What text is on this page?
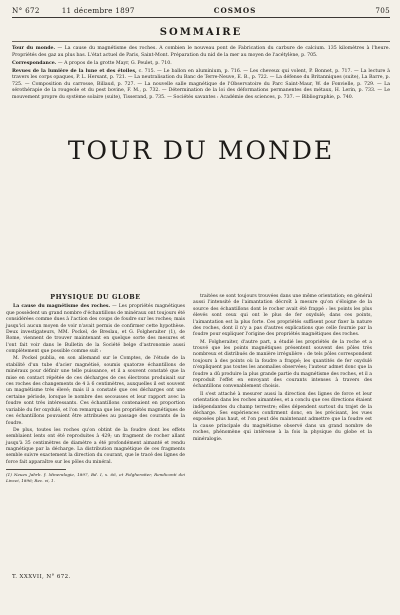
N° 672	11 décembre 1897	COSMOS	705
SOMMAIRE

Tour du monde. — La cause du magnétisme des roches. A combien le nouveau pont de Fabrication du carbure de calcium. 135 kilomètres à l'heure. Propriétés des gaz au plus bas. L'état actuel de Paris, Saint-Mont. Préparation du nid de la mer au moyen de l'acétylène, p. 705.

Correspondance. — A propos de la grotte Mayr, G. Peulet, p. 710.

Revues de la lumière de la lune et des étoiles, c. 715. — Le ballon en aluminium, p. 716. — Les cheveux qui volent, P. Bonnet, p. 717. — La lecture à travers les corps opaques, P. L. Hersant, p. 721. — La neutralisation du Banc de Terre-Neuve, E. B., p. 722. — La défense du Britanniques (suite), La Barre, p. 725. — Composition du carrosse, Billaud, p. 727. — La nouvelle salle magnétique de l'Observatoire du Parc Saint-Maur, W. de Fonvielle, p. 729. — La sérothérapie de la rougeole et du pest bovine, F. M., p. 732. — Détermination de la loi des déformations permanentes des métaux, H. Lerin, p. 733. — Le mouvement propre du système solaire (suite), Tisserand, p. 735. — Sociétés savantes : Académie des sciences, p. 737. — Bibliographie, p. 740.

TOUR DU MONDE
PHYSIQUE DU GLOBE

La cause du magnétisme des roches. — Les propriétés magnétiques que possèdent un grand nombre d'échantillons de minéraux ont toujours été considérées comme dues à l'action des coups de foudre sur les roches; mais jusqu'ici aucun moyen de voir n'avait permis de confirmer cette hypothèse. Deux investigateurs, MM. Pockel, de Breslau, et G. Folgheraiter (1), de Rome, viennent de trouver maintenant en quelque sorte des mesures et l'ont fait voir dans le Bulletin de la Société belge d'astronomie aussi complètement que possible comme suit :

M. Pockel publia, en son allemand sur le Comptes, de l'étude de la stabilité d'un tube d'acier magnétisé, soumis quatorze échantillons de minéraux pour définir une telle puissance, et il a souvent constaté que la mise en contact répétée de ces décharges de ces électrons produisait sur ces roches des changements de 4 à 6 centimètres, auxquelles il est souvent un magnétisme très élevé; mais il a constaté que ces décharges ont une certaine période, lorsque le nombre des secousses et leur rapport avec la foudre sont très intéressants. Ces échantillons contenaient en proportion variable du fer oxydulé, et l'on remarqua que les propriétés magnétiques de ces échantillons pouvaient être attribuées au passage des courants de la foudre.

De plus, toutes les roches qu'on obtint de la foudre dont les effets semblaient lents ont été reproduites à 429; un fragment de rocher allant jusqu'à 35 centimètres de diamètre a été profondément aimanté et rendu magnétique par la décharge. La distribution magnétique de ces fragments semble suivre exactement la direction du courant, que le tracé des lignes de force fait apparaître sur les pôles du minéral.

(1) Neues Jahrb. f. Mineralogie, 1897, Bd. I, s. 66, et Folgheraiter, Rendiconti dei Lincei, 1896; Rec. vi, 1.

traitées se sont toujours trouvées dans une même orientation; en général aussi l'intensité de l'aimantation décroît à mesure qu'on s'éloigne de la source des échantillons dont le rocher avait été frappé : les points les plus élevés sont ceux qui ont le plus de fer oxydulé; dans ces points, l'aimantation est la plus forte. Ces propriétés suffisent pour fixer la nature des roches, dont il n'y a pas d'autres explications que celle fournie par la foudre pour expliquer l'origine des propriétés magnétiques des roches.

M. Folgheraiter, d'autre part, a étudié les propriétés de la roche et a trouvé que les points magnétiques présentent souvent des pôles très nombreux et distribués de manière irrégulière : de tels pôles correspondent toujours à des points où la foudre a frappé; les quantités de fer oxydulé n'expliquent pas toutes les anomalies observées; l'auteur admet donc que la foudre a dû produire la plus grande partie du magnétisme des roches, et il a reproduit l'effet en envoyant des courants intenses à travers des échantillons convenablement choisis.

Il s'est attaché à mesurer aussi la direction des lignes de force et leur orientation dans les roches aimantées, et a conclu que ces directions étaient indépendantes du champ terrestre; elles dépendent surtout du trajet de la décharge. Ses expériences confirment donc, en les précisant, les vues exposées plus haut, et l'on peut dès maintenant admettre que la foudre est la cause principale du magnétisme observé dans un grand nombre de roches, phénomène qui intéresse à la fois la physique du globe et la minéralogie.

T. XXXVII, N° 672.
